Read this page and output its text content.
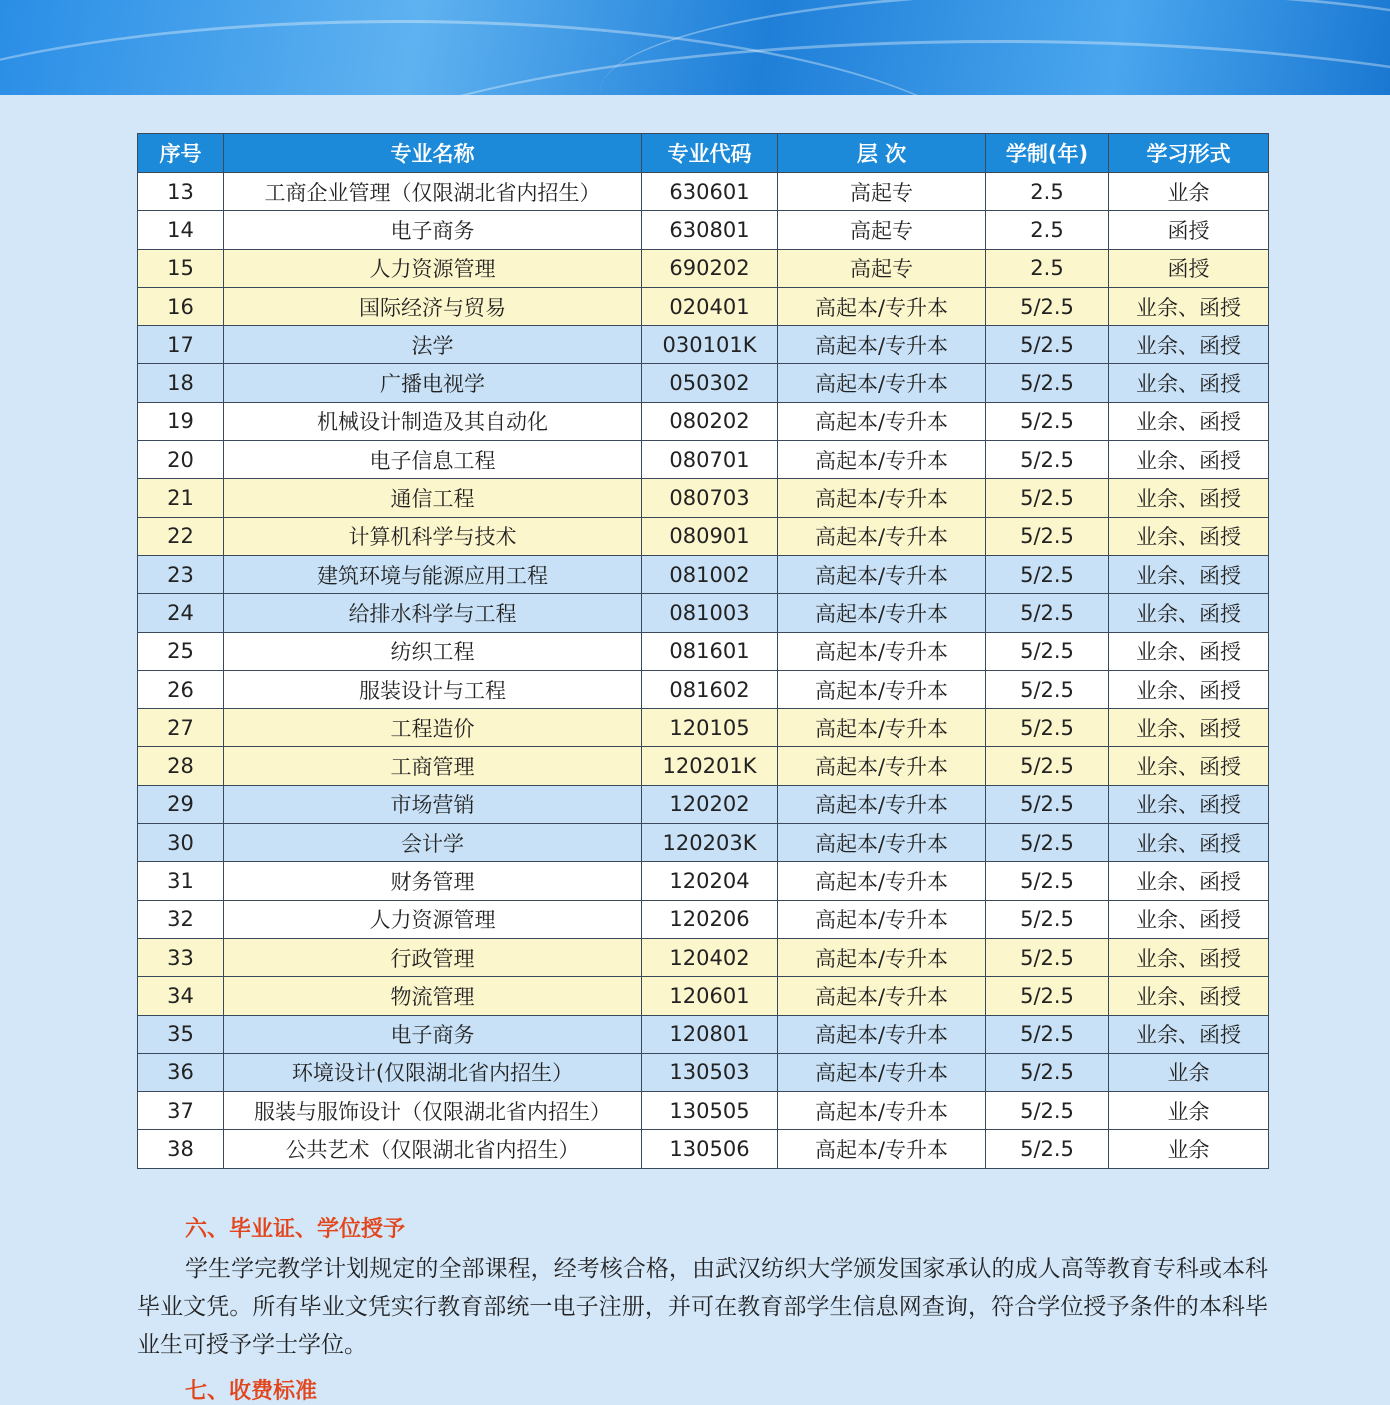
序号	专业名称	专业代码	层 次	学制(年)	学习形式
13	工商企业管理（仅限湖北省内招生）	630601	高起专	2.5	业余
14	电子商务	630801	高起专	2.5	函授
15	人力资源管理	690202	高起专	2.5	函授
16	国际经济与贸易	020401	高起本/专升本	5/2.5	业余、函授
17	法学	030101K	高起本/专升本	5/2.5	业余、函授
18	广播电视学	050302	高起本/专升本	5/2.5	业余、函授
19	机械设计制造及其自动化	080202	高起本/专升本	5/2.5	业余、函授
20	电子信息工程	080701	高起本/专升本	5/2.5	业余、函授
21	通信工程	080703	高起本/专升本	5/2.5	业余、函授
22	计算机科学与技术	080901	高起本/专升本	5/2.5	业余、函授
23	建筑环境与能源应用工程	081002	高起本/专升本	5/2.5	业余、函授
24	给排水科学与工程	081003	高起本/专升本	5/2.5	业余、函授
25	纺织工程	081601	高起本/专升本	5/2.5	业余、函授
26	服装设计与工程	081602	高起本/专升本	5/2.5	业余、函授
27	工程造价	120105	高起本/专升本	5/2.5	业余、函授
28	工商管理	120201K	高起本/专升本	5/2.5	业余、函授
29	市场营销	120202	高起本/专升本	5/2.5	业余、函授
30	会计学	120203K	高起本/专升本	5/2.5	业余、函授
31	财务管理	120204	高起本/专升本	5/2.5	业余、函授
32	人力资源管理	120206	高起本/专升本	5/2.5	业余、函授
33	行政管理	120402	高起本/专升本	5/2.5	业余、函授
34	物流管理	120601	高起本/专升本	5/2.5	业余、函授
35	电子商务	120801	高起本/专升本	5/2.5	业余、函授
36	环境设计(仅限湖北省内招生）	130503	高起本/专升本	5/2.5	业余
37	服装与服饰设计（仅限湖北省内招生）	130505	高起本/专升本	5/2.5	业余
38	公共艺术（仅限湖北省内招生）	130506	高起本/专升本	5/2.5	业余
六、毕业证、学位授予
学生学完教学计划规定的全部课程，经考核合格，由武汉纺织大学颁发国家承认的成人高等教育专科或本科毕业文凭。所有毕业文凭实行教育部统一电子注册，并可在教育部学生信息网查询，符合学位授予条件的本科毕业生可授予学士学位。
七、收费标准
